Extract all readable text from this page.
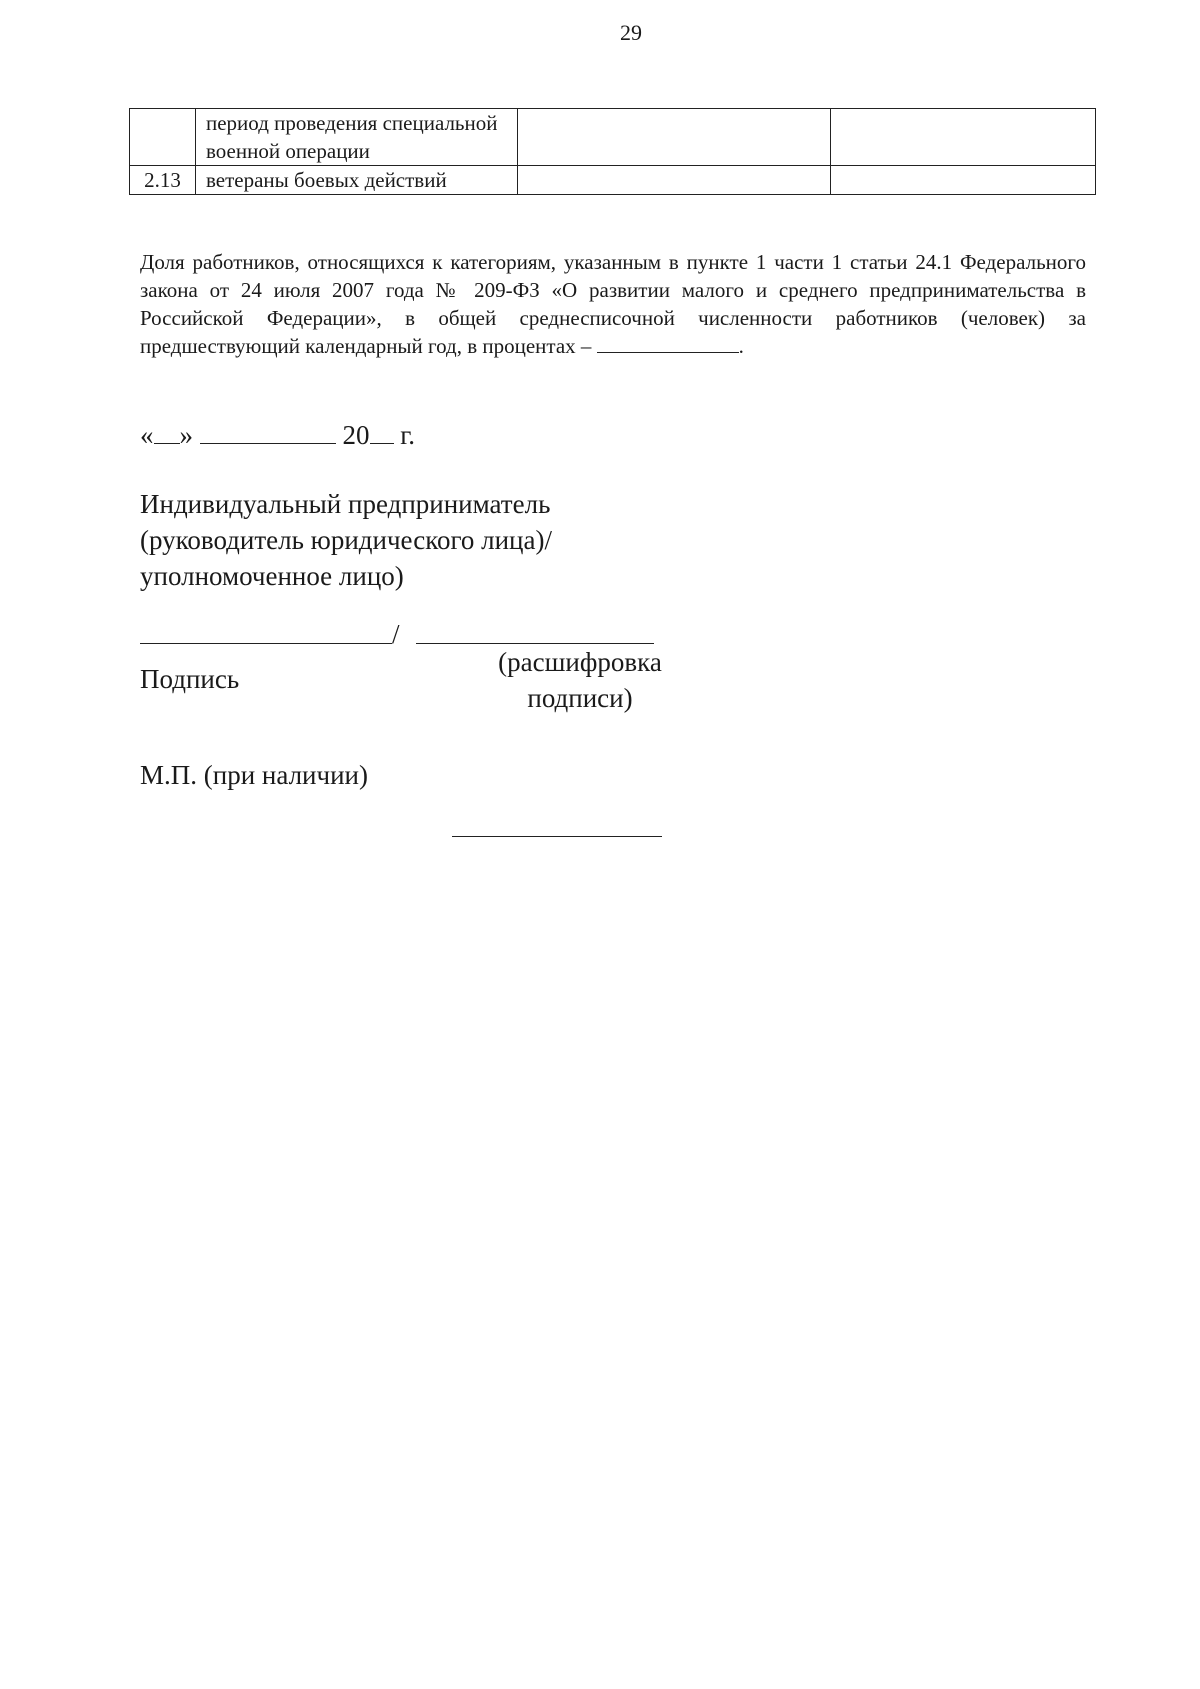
29
	период проведения специальной военной операции		
2.13	ветераны боевых действий		
Доля работников, относящихся к категориям, указанным в пункте 1 части 1 статьи 24.1 Федерального закона от 24 июля 2007 года № 209-ФЗ «О развитии малого и среднего предпринимательства в Российской Федерации», в общей среднесписочной численности работников (человек) за предшествующий календарный год, в процентах –	.
« »	20 г.
Индивидуальный предприниматель
(руководитель юридического лица)/
уполномоченное лицо)
/
Подпись
(расшифровка
подписи)
М.П. (при наличии)
